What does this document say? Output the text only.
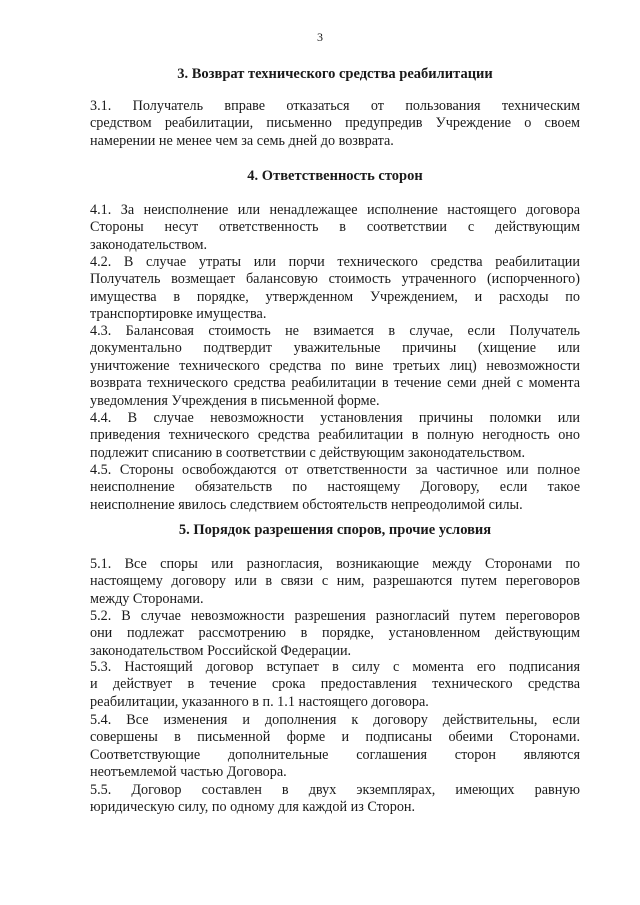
3
3. Возврат технического средства реабилитации

3.1. Получатель вправе отказаться от пользования техническим

средством реабилитации, письменно предупредив Учреждение о своем

намерении не менее чем за семь дней до возврата.

4. Ответственность сторон

4.1. За неисполнение или ненадлежащее исполнение настоящего договора

Стороны несут ответственность в соответствии с действующим

законодательством.

4.2. В случае утраты или порчи технического средства реабилитации

Получатель возмещает балансовую стоимость утраченного (испорченного)

имущества в порядке, утвержденном Учреждением, и расходы по

транспортировке имущества.

4.3. Балансовая стоимость не взимается в случае, если Получатель

документально подтвердит уважительные причины (хищение или

уничтожение технического средства по вине третьих лиц) невозможности

возврата технического средства реабилитации в течение семи дней с момента

уведомления Учреждения в письменной форме.

4.4. В случае невозможности установления причины поломки или

приведения технического средства реабилитации в полную негодность оно

подлежит списанию в соответствии с действующим законодательством.

4.5. Стороны освобождаются от ответственности за частичное или полное

неисполнение обязательств по настоящему Договору, если такое

неисполнение явилось следствием обстоятельств непреодолимой силы.

5. Порядок разрешения споров, прочие условия

5.1. Все споры или разногласия, возникающие между Сторонами по

настоящему договору или в связи с ним, разрешаются путем переговоров

между Сторонами.

5.2. В случае невозможности разрешения разногласий путем переговоров

они подлежат рассмотрению в порядке, установленном действующим

законодательством Российской Федерации.

5.3. Настоящий договор вступает в силу с момента его подписания

и действует в течение срока предоставления технического средства

реабилитации, указанного в п. 1.1 настоящего договора.

5.4. Все изменения и дополнения к договору действительны, если

совершены в письменной форме и подписаны обеими Сторонами.

Соответствующие дополнительные соглашения сторон являются

неотъемлемой частью Договора.

5.5. Договор составлен в двух экземплярах, имеющих равную

юридическую силу, по одному для каждой из Сторон.
